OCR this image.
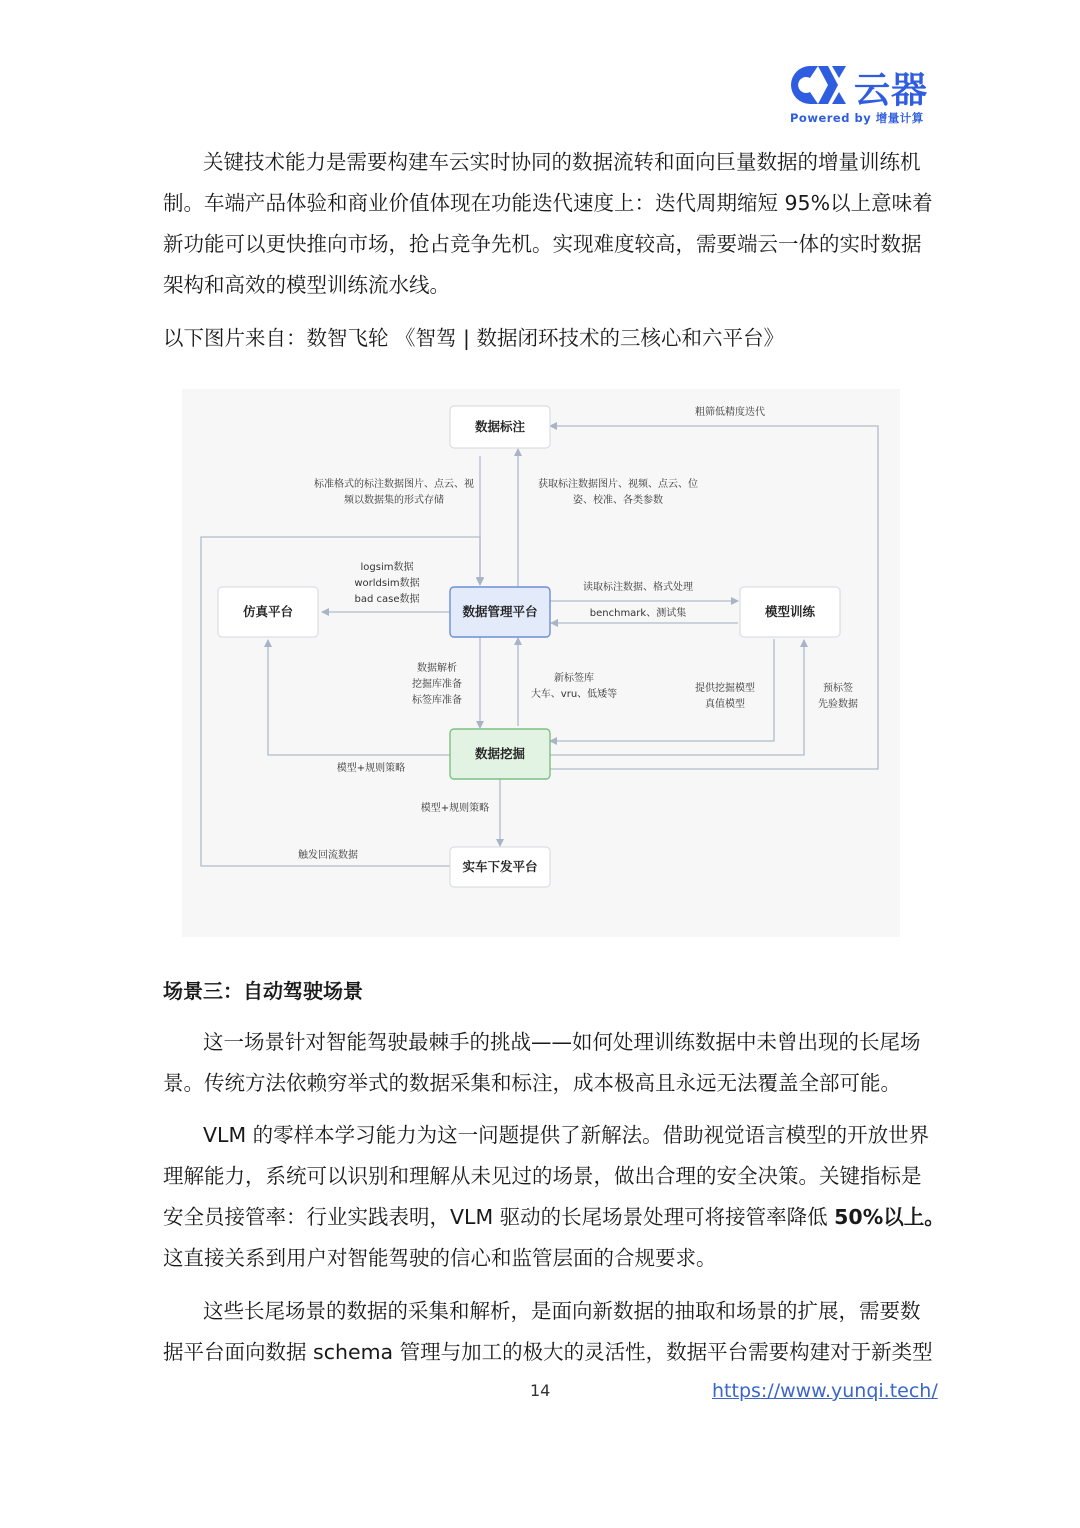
云器
Powered by 增量计算

关键技术能力是需要构建车云实时协同的数据流转和面向巨量数据的增量训练机
制。车端产品体验和商业价值体现在功能迭代速度上：迭代周期缩短 95%以上意味着
新功能可以更快推向市场，抢占竞争先机。实现难度较高，需要端云一体的实时数据
架构和高效的模型训练流水线。

以下图片来自：数智飞轮 《智驾 | 数据闭环技术的三核心和六平台》

数据标注
仿真平台	数据管理平台	模型训练
数据挖掘
实车下发平台
粗筛低精度迭代
标准格式的标注数据图片、点云、视
频以数据集的形式存储
获取标注数据图片、视频、点云、位
姿、校准、各类参数
logsim数据
worldsim数据
bad case数据
读取标注数据、格式处理
benchmark、测试集
数据解析
挖掘库准备
标签库准备
新标签库
大车、vru、低矮等
提供挖掘模型
真值模型
预标签
先验数据
模型+规则策略
模型+规则策略
触发回流数据
场景三：自动驾驶场景

这一场景针对智能驾驶最棘手的挑战——如何处理训练数据中未曾出现的长尾场
景。传统方法依赖穷举式的数据采集和标注，成本极高且永远无法覆盖全部可能。

VLM 的零样本学习能力为这一问题提供了新解法。借助视觉语言模型的开放世界
理解能力，系统可以识别和理解从未见过的场景，做出合理的安全决策。关键指标是
安全员接管率：行业实践表明，VLM 驱动的长尾场景处理可将接管率降低 50%以上。
这直接关系到用户对智能驾驶的信心和监管层面的合规要求。

这些长尾场景的数据的采集和解析，是面向新数据的抽取和场景的扩展，需要数
据平台面向数据 schema 管理与加工的极大的灵活性，数据平台需要构建对于新类型

14	https://www.yunqi.tech/
